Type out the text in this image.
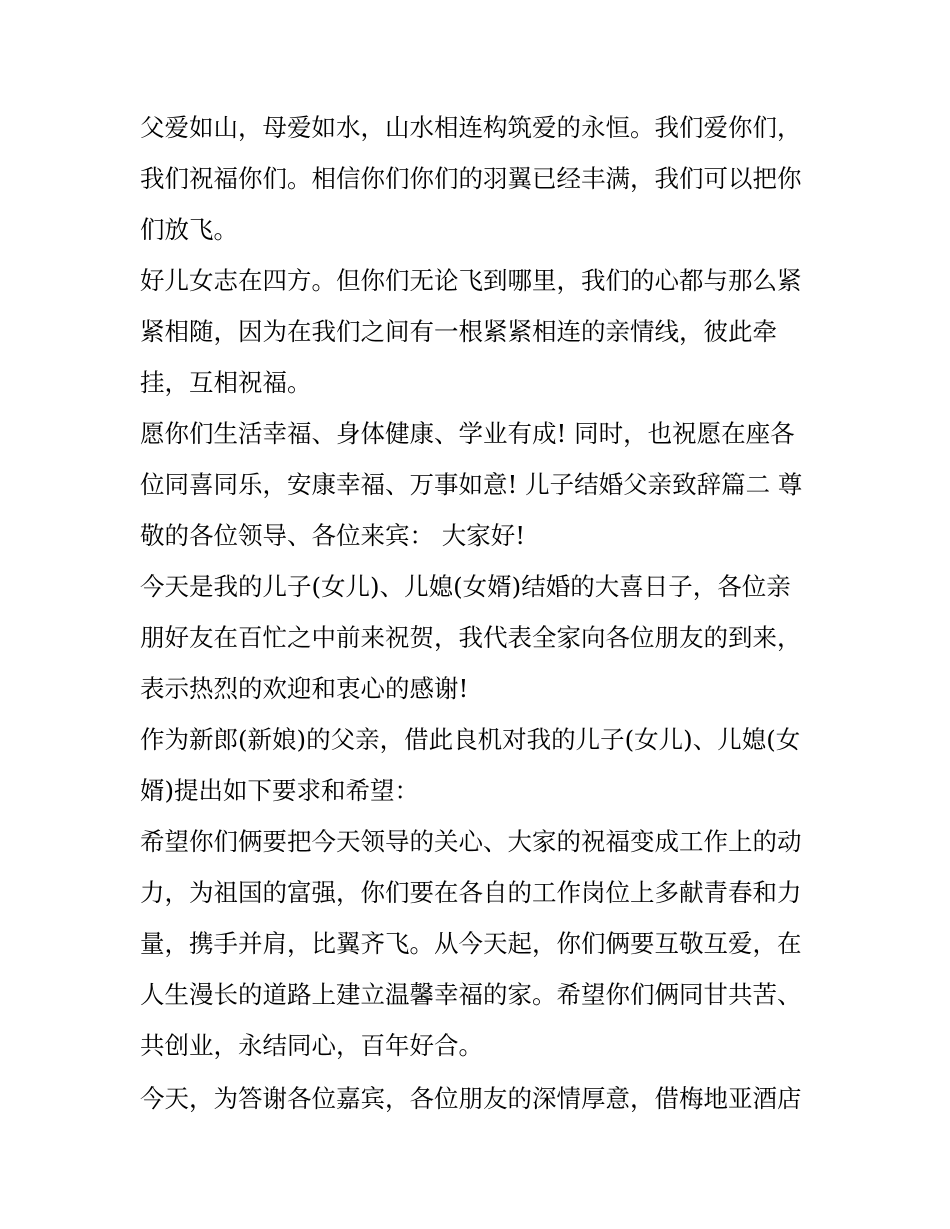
父爱如山，母爱如水，山水相连构筑爱的永恒。我们爱你们，
我们祝福你们。相信你们你们的羽翼已经丰满，我们可以把你
们放飞。
好儿女志在四方。但你们无论飞到哪里，我们的心都与那么紧
紧相随，因为在我们之间有一根紧紧相连的亲情线，彼此牵
挂，互相祝福。
愿你们生活幸福、身体健康、学业有成! 同时，也祝愿在座各
位同喜同乐，安康幸福、万事如意! 儿子结婚父亲致辞篇二 尊
敬的各位领导、各位来宾： 大家好!
今天是我的儿子(女儿)、儿媳(女婿)结婚的大喜日子，各位亲
朋好友在百忙之中前来祝贺，我代表全家向各位朋友的到来，
表示热烈的欢迎和衷心的感谢!
作为新郎(新娘)的父亲，借此良机对我的儿子(女儿)、儿媳(女
婿)提出如下要求和希望：
希望你们俩要把今天领导的关心、大家的祝福变成工作上的动
力，为祖国的富强，你们要在各自的工作岗位上多献青春和力
量，携手并肩，比翼齐飞。从今天起，你们俩要互敬互爱，在
人生漫长的道路上建立温馨幸福的家。希望你们俩同甘共苦、
共创业，永结同心，百年好合。
今天，为答谢各位嘉宾，各位朋友的深情厚意，借梅地亚酒店
